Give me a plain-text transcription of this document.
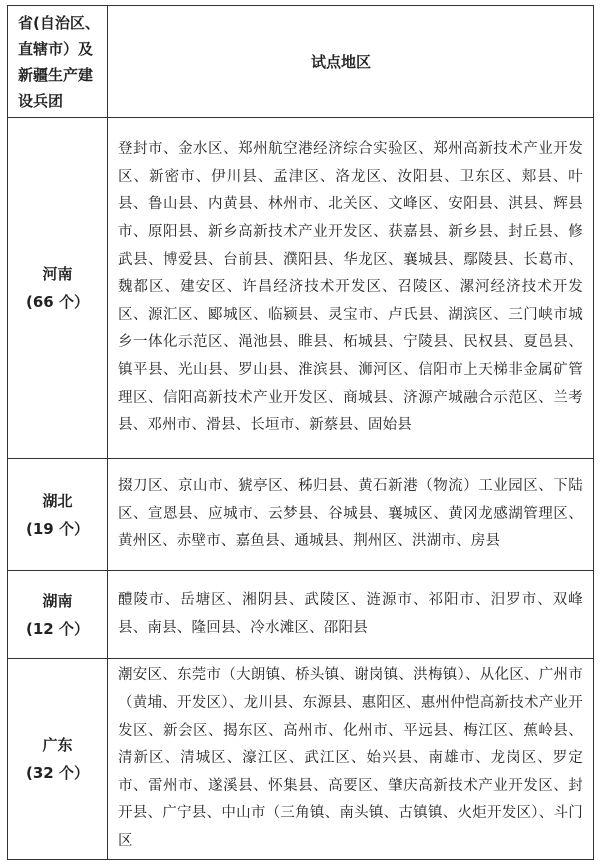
省(自治区、直辖市）及新疆生产建设兵团	试点地区

河南
(66 个）	登封市、金水区、郑州航空港经济综合实验区、郑州高新技术产业开发区、新密市、伊川县、孟津区、洛龙区、汝阳县、卫东区、郏县、叶县、鲁山县、内黄县、林州市、北关区、文峰区、安阳县、淇县、辉县市、原阳县、新乡高新技术产业开发区、获嘉县、新乡县、封丘县、修武县、博爱县、台前县、濮阳县、华龙区、襄城县、鄢陵县、长葛市、魏都区、建安区、许昌经济技术开发区、召陵区、漯河经济技术开发区、源汇区、郾城区、临颍县、灵宝市、卢氏县、湖滨区、三门峡市城乡一体化示范区、渑池县、睢县、柘城县、宁陵县、民权县、夏邑县、镇平县、光山县、罗山县、淮滨县、浉河区、信阳市上天梯非金属矿管理区、信阳高新技术产业开发区、商城县、济源产城融合示范区、兰考县、邓州市、滑县、长垣市、新蔡县、固始县

湖北
(19 个）	掇刀区、京山市、猇亭区、秭归县、黄石新港（物流）工业园区、下陆区、宣恩县、应城市、云梦县、谷城县、襄城区、黄冈龙感湖管理区、黄州区、赤壁市、嘉鱼县、通城县、荆州区、洪湖市、房县

湖南
(12 个）	醴陵市、岳塘区、湘阴县、武陵区、涟源市、祁阳市、汨罗市、双峰县、南县、隆回县、冷水滩区、邵阳县

广东
(32 个）	潮安区、东莞市（大朗镇、桥头镇、谢岗镇、洪梅镇）、从化区、广州市（黄埔、开发区）、龙川县、东源县、惠阳区、惠州仲恺高新技术产业开发区、新会区、揭东区、高州市、化州市、平远县、梅江区、蕉岭县、清新区、清城区、濠江区、武江区、始兴县、南雄市、龙岗区、罗定市、雷州市、遂溪县、怀集县、高要区、肇庆高新技术产业开发区、封开县、广宁县、中山市（三角镇、南头镇、古镇镇、火炬开发区）、斗门区
